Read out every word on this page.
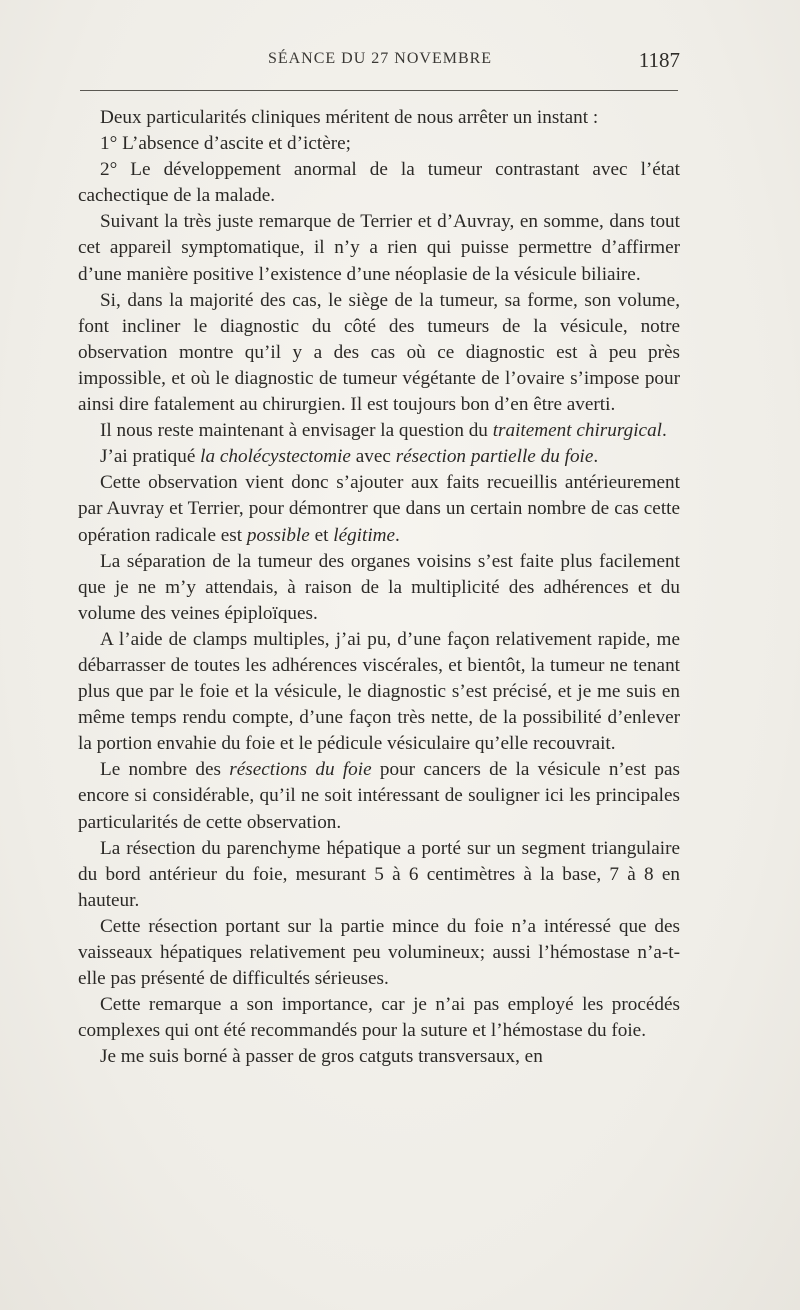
SÉANCE DU 27 NOVEMBRE	1187

Deux particularités cliniques méritent de nous arrêter un instant :

1° L’absence d’ascite et d’ictère;

2° Le développement anormal de la tumeur contrastant avec l’état cachectique de la malade.

Suivant la très juste remarque de Terrier et d’Auvray, en somme, dans tout cet appareil symptomatique, il n’y a rien qui puisse permettre d’affirmer d’une manière positive l’existence d’une néoplasie de la vésicule biliaire.

Si, dans la majorité des cas, le siège de la tumeur, sa forme, son volume, font incliner le diagnostic du côté des tumeurs de la vésicule, notre observation montre qu’il y a des cas où ce diagnostic est à peu près impossible, et où le diagnostic de tumeur végétante de l’ovaire s’impose pour ainsi dire fatalement au chirurgien. Il est toujours bon d’en être averti.

Il nous reste maintenant à envisager la question du traitement chirurgical.

J’ai pratiqué la cholécystectomie avec résection partielle du foie.

Cette observation vient donc s’ajouter aux faits recueillis antérieurement par Auvray et Terrier, pour démontrer que dans un certain nombre de cas cette opération radicale est possible et légitime.

La séparation de la tumeur des organes voisins s’est faite plus facilement que je ne m’y attendais, à raison de la multiplicité des adhérences et du volume des veines épiploïques.

A l’aide de clamps multiples, j’ai pu, d’une façon relativement rapide, me débarrasser de toutes les adhérences viscérales, et bientôt, la tumeur ne tenant plus que par le foie et la vésicule, le diagnostic s’est précisé, et je me suis en même temps rendu compte, d’une façon très nette, de la possibilité d’enlever la portion envahie du foie et le pédicule vésiculaire qu’elle recouvrait.

Le nombre des résections du foie pour cancers de la vésicule n’est pas encore si considérable, qu’il ne soit intéressant de souligner ici les principales particularités de cette observation.

La résection du parenchyme hépatique a porté sur un segment triangulaire du bord antérieur du foie, mesurant 5 à 6 centimètres à la base, 7 à 8 en hauteur.

Cette résection portant sur la partie mince du foie n’a intéressé que des vaisseaux hépatiques relativement peu volumineux; aussi l’hémostase n’a-t-elle pas présenté de difficultés sérieuses.

Cette remarque a son importance, car je n’ai pas employé les procédés complexes qui ont été recommandés pour la suture et l’hémostase du foie.

Je me suis borné à passer de gros catguts transversaux, en
